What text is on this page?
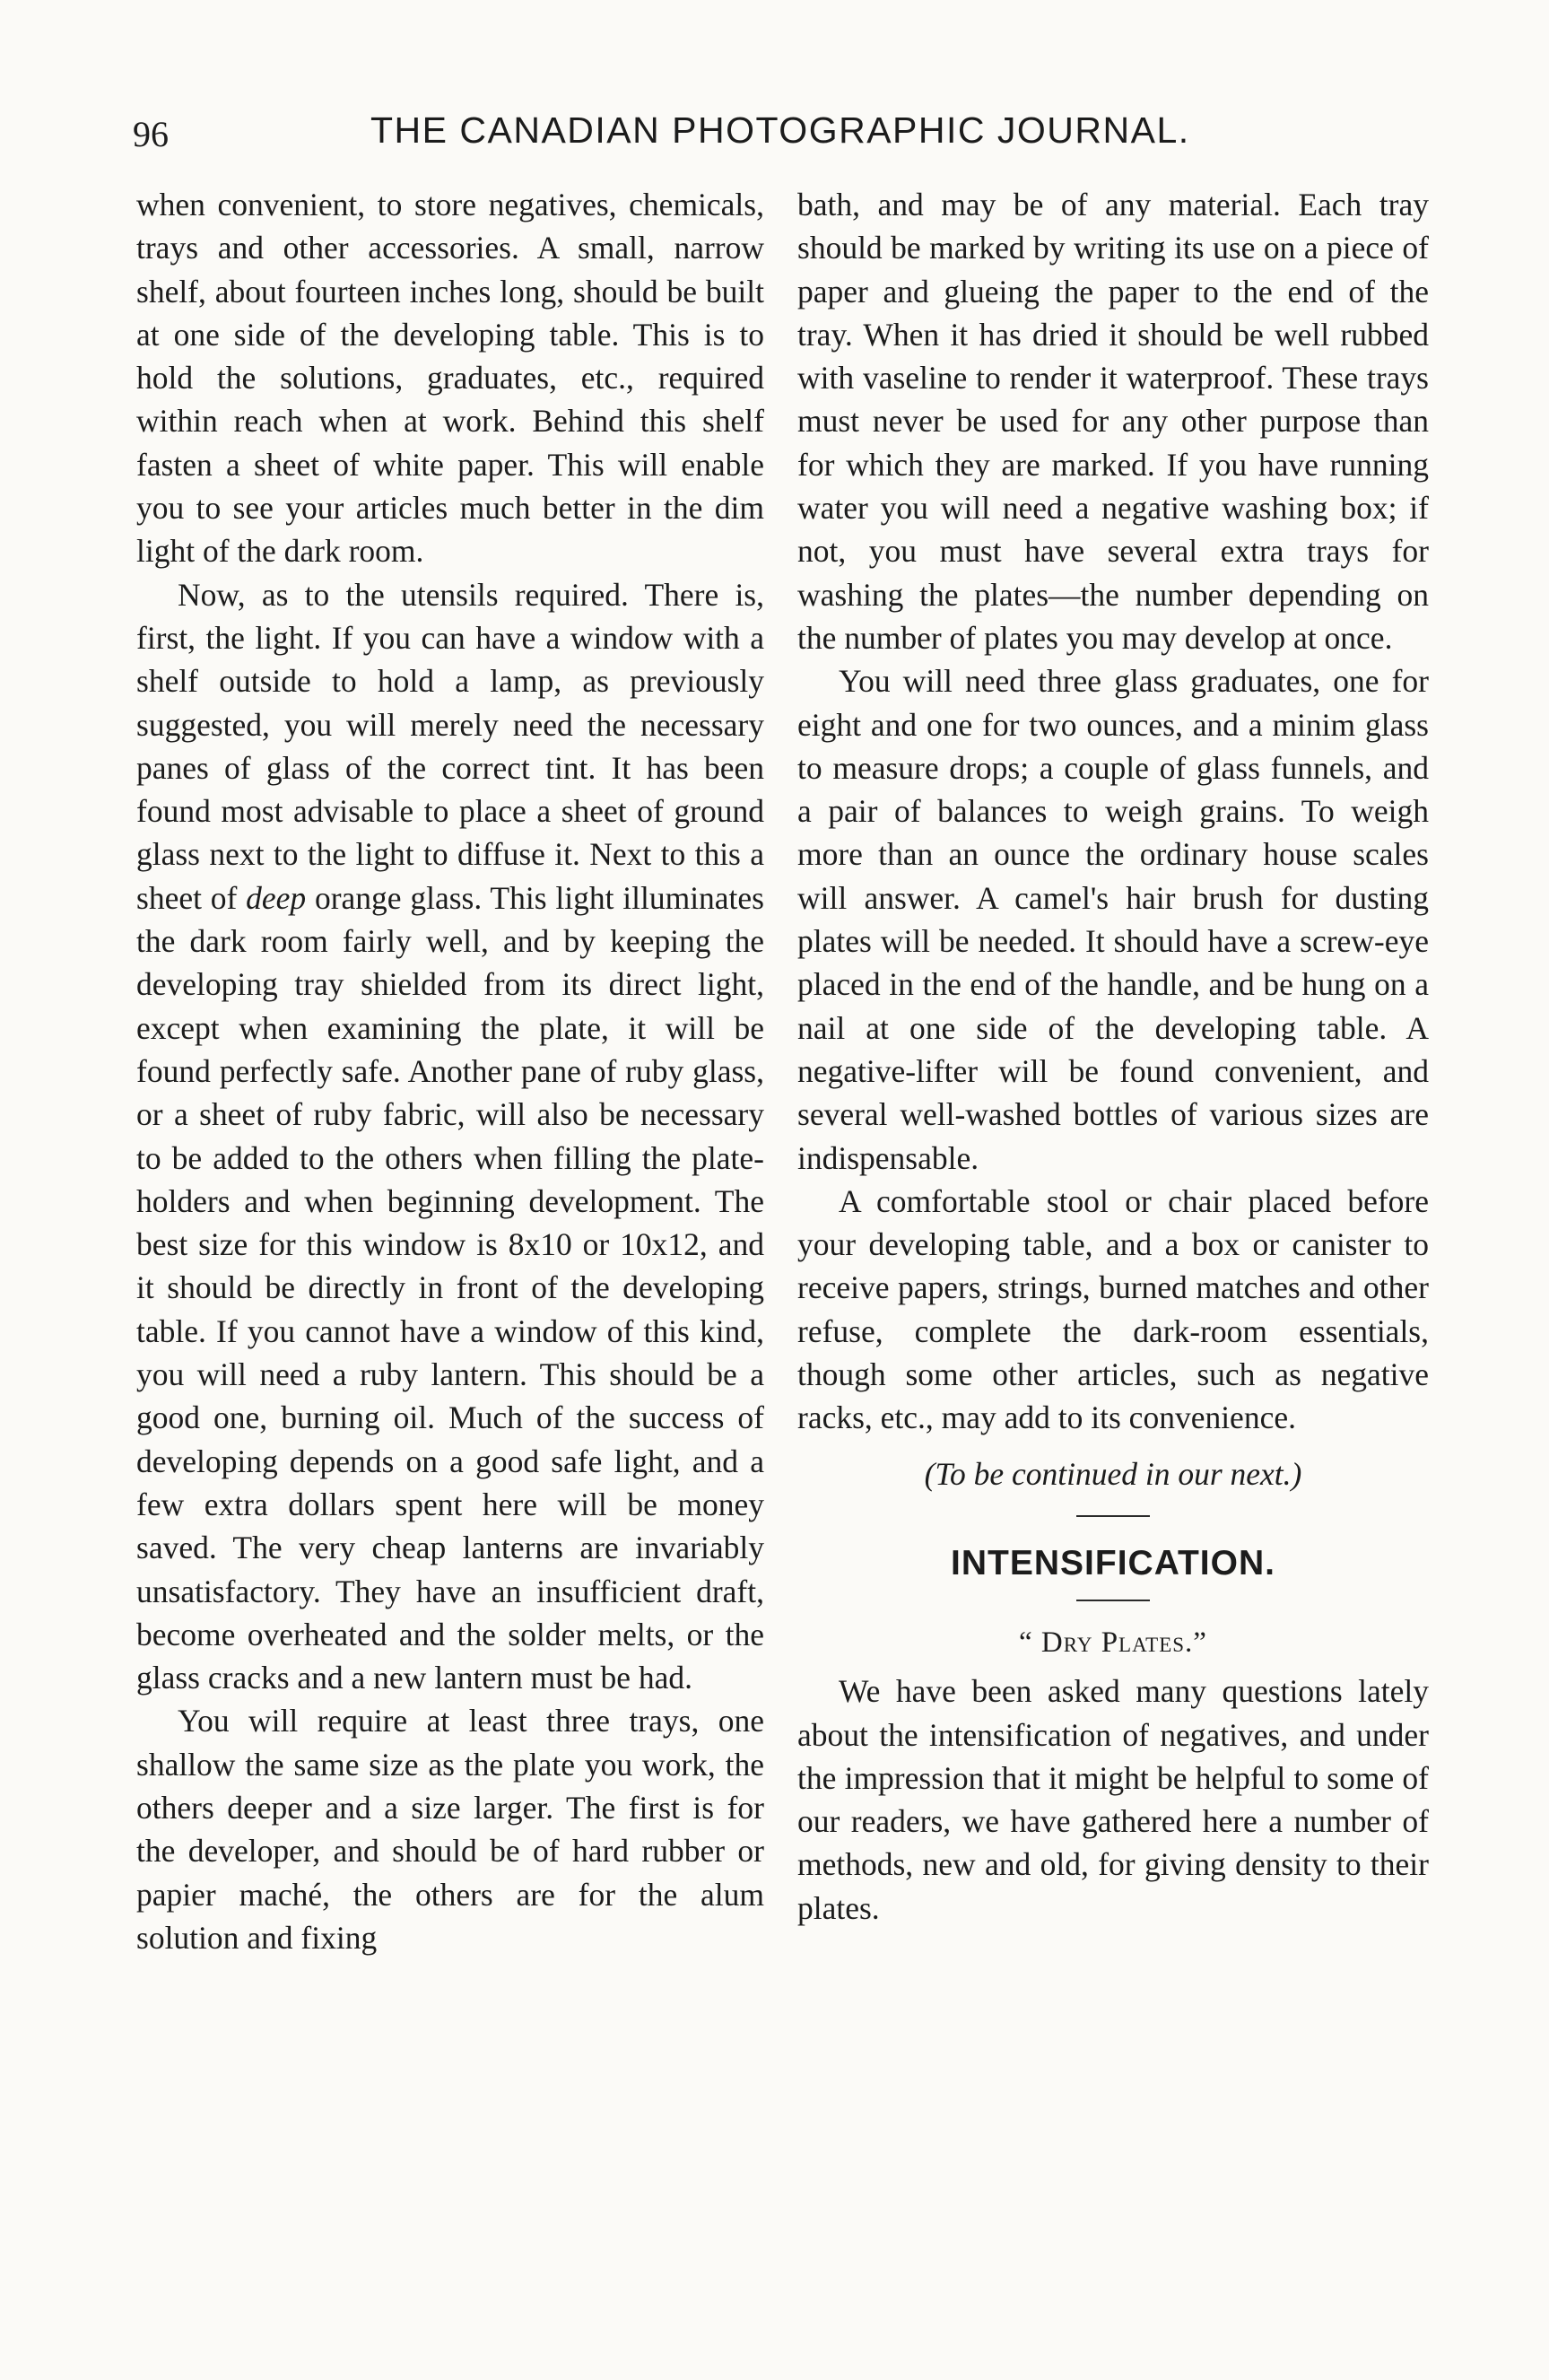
96	THE CANADIAN PHOTOGRAPHIC JOURNAL.

when convenient, to store negatives, chemicals, trays and other accessories. A small, narrow shelf, about fourteen inches long, should be built at one side of the developing table. This is to hold the solutions, graduates, etc., required within reach when at work. Behind this shelf fasten a sheet of white paper. This will enable you to see your articles much better in the dim light of the dark room.

Now, as to the utensils required. There is, first, the light. If you can have a window with a shelf outside to hold a lamp, as previously suggested, you will merely need the necessary panes of glass of the correct tint. It has been found most advisable to place a sheet of ground glass next to the light to diffuse it. Next to this a sheet of deep orange glass. This light illuminates the dark room fairly well, and by keeping the developing tray shielded from its direct light, except when examining the plate, it will be found perfectly safe. Another pane of ruby glass, or a sheet of ruby fabric, will also be necessary to be added to the others when filling the plate-holders and when beginning development. The best size for this window is 8x10 or 10x12, and it should be directly in front of the developing table. If you cannot have a window of this kind, you will need a ruby lantern. This should be a good one, burning oil. Much of the success of developing depends on a good safe light, and a few extra dollars spent here will be money saved. The very cheap lanterns are invariably unsatisfactory. They have an insufficient draft, become overheated and the solder melts, or the glass cracks and a new lantern must be had.

You will require at least three trays, one shallow the same size as the plate you work, the others deeper and a size larger. The first is for the developer, and should be of hard rubber or papier maché, the others are for the alum solution and fixing

bath, and may be of any material. Each tray should be marked by writing its use on a piece of paper and glueing the paper to the end of the tray. When it has dried it should be well rubbed with vaseline to render it waterproof. These trays must never be used for any other purpose than for which they are marked. If you have running water you will need a negative washing box; if not, you must have several extra trays for washing the plates—the number depending on the number of plates you may develop at once.

You will need three glass graduates, one for eight and one for two ounces, and a minim glass to measure drops; a couple of glass funnels, and a pair of balances to weigh grains. To weigh more than an ounce the ordinary house scales will answer. A camel's hair brush for dusting plates will be needed. It should have a screw-eye placed in the end of the handle, and be hung on a nail at one side of the developing table. A negative-lifter will be found convenient, and several well-washed bottles of various sizes are indispensable.

A comfortable stool or chair placed before your developing table, and a box or canister to receive papers, strings, burned matches and other refuse, complete the dark-room essentials, though some other articles, such as negative racks, etc., may add to its convenience.

(To be continued in our next.)
INTENSIFICATION.
“ Dry Plates.”

We have been asked many questions lately about the intensification of negatives, and under the impression that it might be helpful to some of our readers, we have gathered here a number of methods, new and old, for giving density to their plates.
